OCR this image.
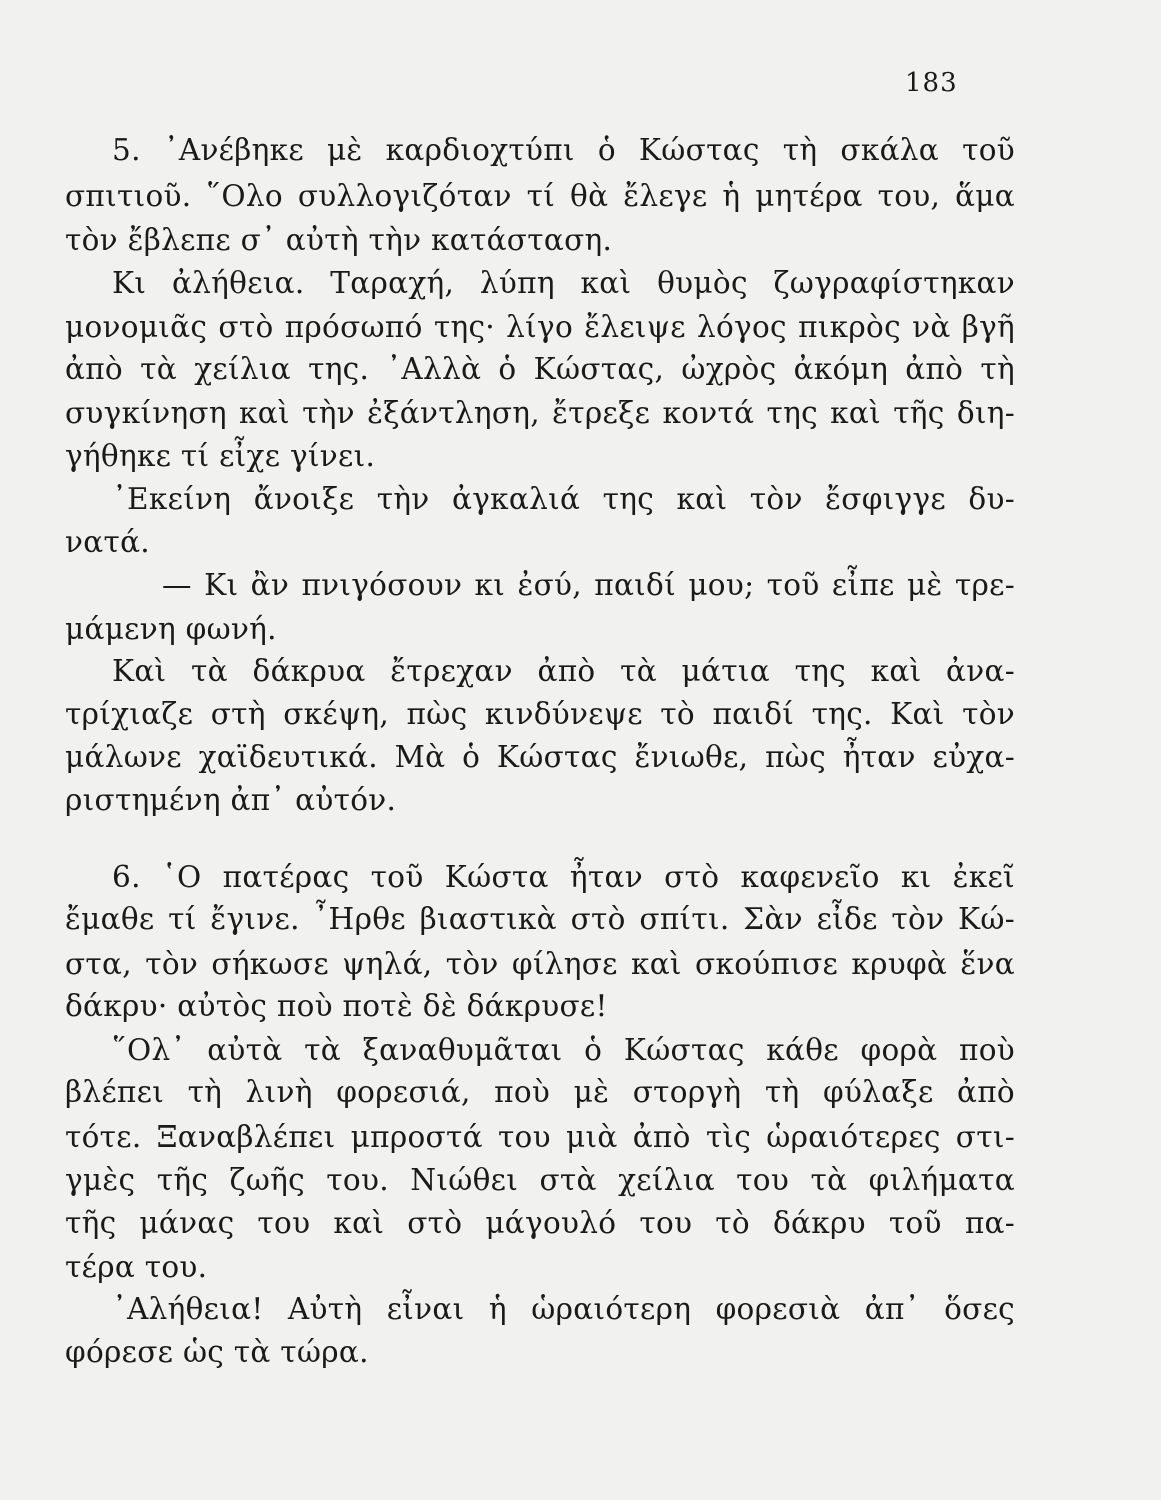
183
5. ᾿Ανέβηκε μὲ καρδιοχτύπι ὁ Κώστας τὴ σκάλα τοῦ
σπιτιοῦ. ῞Ολο συλλογιζόταν τί θὰ ἔλεγε ἡ μητέρα του, ἅμα
τὸν ἔβλεπε σ᾿ αὐτὴ τὴν κατάσταση.
Κι ἀλήθεια. Ταραχή, λύπη καὶ θυμὸς ζωγραφίστηκαν
μονομιᾶς στὸ πρόσωπό της· λίγο ἔλειψε λόγος πικρὸς νὰ βγῆ
ἀπὸ τὰ χείλια της. ᾿Αλλὰ ὁ Κώστας, ὠχρὸς ἀκόμη ἀπὸ τὴ
συγκίνηση καὶ τὴν ἐξάντληση, ἔτρεξε κοντά της καὶ τῆς διη-
γήθηκε τί εἶχε γίνει.
᾿Εκείνη ἄνοιξε τὴν ἀγκαλιά της καὶ τὸν ἔσφιγγε δυ-
νατά.
— Κι ἂν πνιγόσουν κι ἐσύ, παιδί μου; τοῦ εἶπε μὲ τρε-
μάμενη φωνή.
Καὶ τὰ δάκρυα ἔτρεχαν ἀπὸ τὰ μάτια της καὶ ἀνα-
τρίχιαζε στὴ σκέψη, πὼς κινδύνεψε τὸ παιδί της. Καὶ τὸν
μάλωνε χαϊδευτικά. Μὰ ὁ Κώστας ἔνιωθε, πὼς ἦταν εὐχα-
ριστημένη ἀπ᾿ αὐτόν.
6. ῾Ο πατέρας τοῦ Κώστα ἦταν στὸ καφενεῖο κι ἐκεῖ
ἔμαθε τί ἔγινε. ῏Ηρθε βιαστικὰ στὸ σπίτι. Σὰν εἶδε τὸν Κώ-
στα, τὸν σήκωσε ψηλά, τὸν φίλησε καὶ σκούπισε κρυφὰ ἕνα
δάκρυ· αὐτὸς ποὺ ποτὲ δὲ δάκρυσε!
῞Ολ᾿ αὐτὰ τὰ ξαναθυμᾶται ὁ Κώστας κάθε φορὰ ποὺ
βλέπει τὴ λινὴ φορεσιά, ποὺ μὲ στοργὴ τὴ φύλαξε ἀπὸ
τότε. Ξαναβλέπει μπροστά του μιὰ ἀπὸ τὶς ὡραιότερες στι-
γμὲς τῆς ζωῆς του. Νιώθει στὰ χείλια του τὰ φιλήματα
τῆς μάνας του καὶ στὸ μάγουλό του τὸ δάκρυ τοῦ πα-
τέρα του.
᾿Αλήθεια! Αὐτὴ εἶναι ἡ ὡραιότερη φορεσιὰ ἀπ᾿ ὅσες
φόρεσε ὡς τὰ τώρα.
